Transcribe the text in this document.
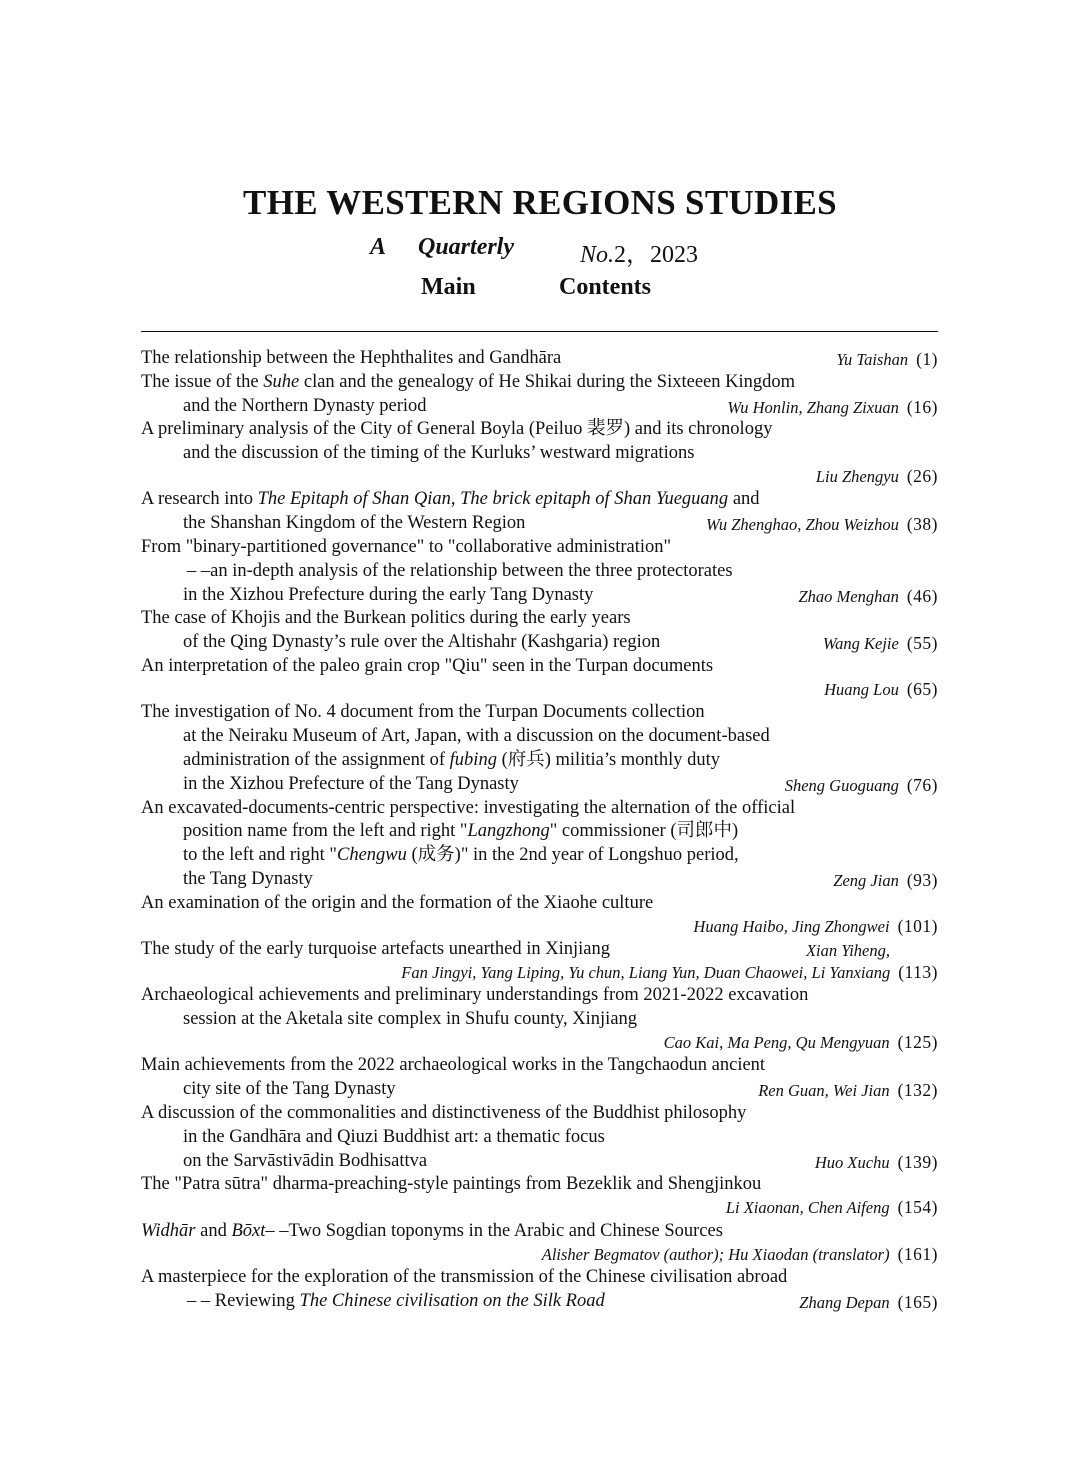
THE WESTERN REGIONS STUDIES
A Quarterly	No.2，2023
Main	Contents
The relationship between the Hephthalites and Gandhāra	Yu Taishan (1)
The issue of the Suhe clan and the genealogy of He Shikai during the Sixteeen Kingdom
and the Northern Dynasty period	Wu Honlin, Zhang Zixuan (16)
A preliminary analysis of the City of General Boyla (Peiluo 裴罗) and its chronology
and the discussion of the timing of the Kurluks’ westward migrations
Liu Zhengyu (26)
A research into The Epitaph of Shan Qian, The brick epitaph of Shan Yueguang and
the Shanshan Kingdom of the Western Region	Wu Zhenghao, Zhou Weizhou (38)
From "binary-partitioned governance" to "collaborative administration"
– –an in-depth analysis of the relationship between the three protectorates
in the Xizhou Prefecture during the early Tang Dynasty	Zhao Menghan (46)
The case of Khojis and the Burkean politics during the early years
of the Qing Dynasty’s rule over the Altishahr (Kashgaria) region	Wang Kejie (55)
An interpretation of the paleo grain crop "Qiu" seen in the Turpan documents
Huang Lou (65)
The investigation of No. 4 document from the Turpan Documents collection
at the Neiraku Museum of Art, Japan, with a discussion on the document-based
administration of the assignment of fubing (府兵) militia’s monthly duty
in the Xizhou Prefecture of the Tang Dynasty	Sheng Guoguang (76)
An excavated-documents-centric perspective: investigating the alternation of the official
position name from the left and right "Langzhong" commissioner (司郎中)
to the left and right "Chengwu (成务)" in the 2nd year of Longshuo period,
the Tang Dynasty	Zeng Jian (93)
An examination of the origin and the formation of the Xiaohe culture
Huang Haibo, Jing Zhongwei (101)
The study of the early turquoise artefacts unearthed in Xinjiang	Xian Yiheng,
Fan Jingyi, Yang Liping, Yu chun, Liang Yun, Duan Chaowei, Li Yanxiang (113)
Archaeological achievements and preliminary understandings from 2021-2022 excavation
session at the Aketala site complex in Shufu county, Xinjiang
Cao Kai, Ma Peng, Qu Mengyuan (125)
Main achievements from the 2022 archaeological works in the Tangchaodun ancient
city site of the Tang Dynasty	Ren Guan, Wei Jian (132)
A discussion of the commonalities and distinctiveness of the Buddhist philosophy
in the Gandhāra and Qiuzi Buddhist art: a thematic focus
on the Sarvāstivādin Bodhisattva	Huo Xuchu (139)
The "Patra sūtra" dharma-preaching-style paintings from Bezeklik and Shengjinkou
Li Xiaonan, Chen Aifeng (154)
Widhār and Bōxt– –Two Sogdian toponyms in the Arabic and Chinese Sources
Alisher Begmatov (author); Hu Xiaodan (translator) (161)
A masterpiece for the exploration of the transmission of the Chinese civilisation abroad
– – Reviewing The Chinese civilisation on the Silk Road	Zhang Depan (165)
